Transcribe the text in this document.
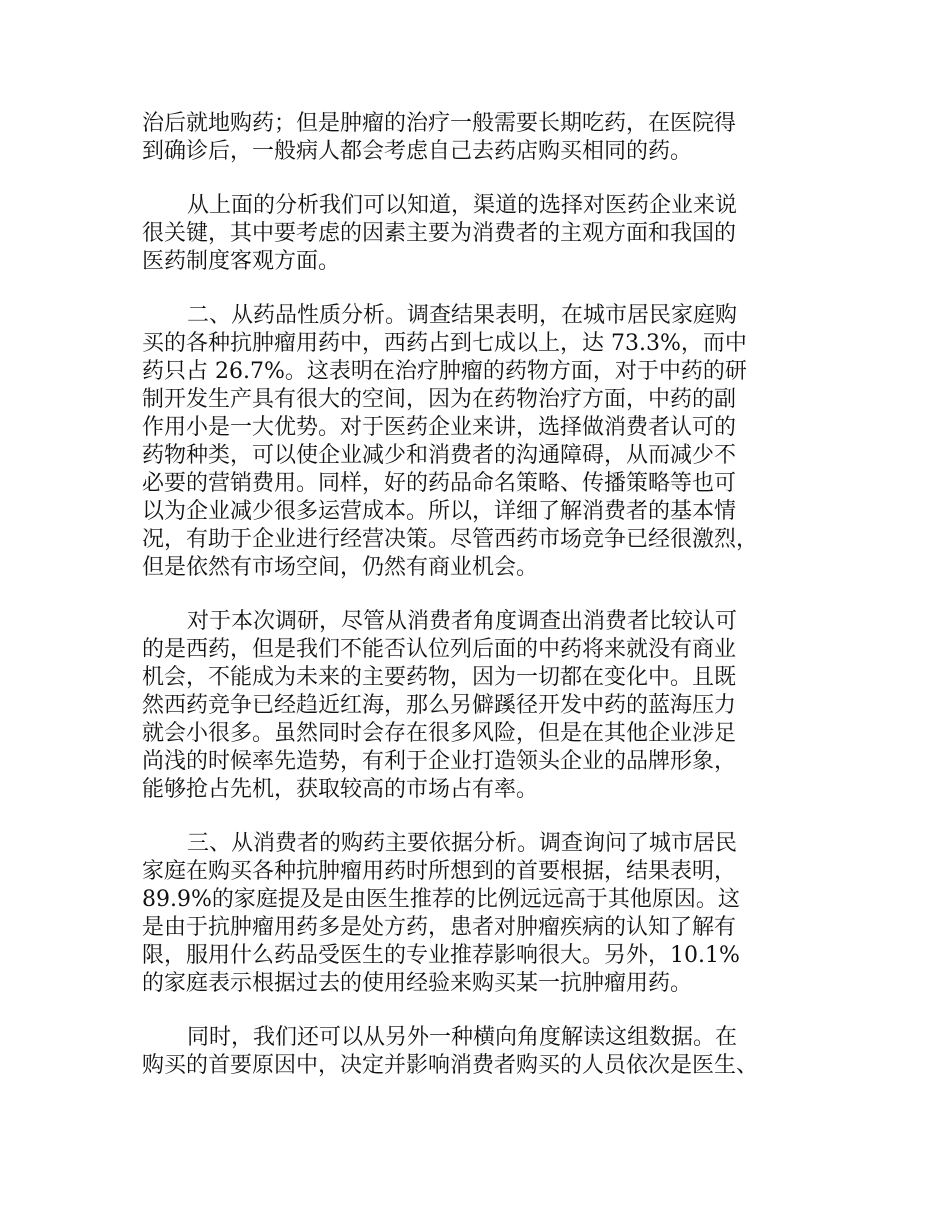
治后就地购药；但是肿瘤的治疗一般需要长期吃药，在医院得
到确诊后，一般病人都会考虑自己去药店购买相同的药。
从上面的分析我们可以知道，渠道的选择对医药企业来说
很关键，其中要考虑的因素主要为消费者的主观方面和我国的
医药制度客观方面。
二、从药品性质分析。调查结果表明，在城市居民家庭购
买的各种抗肿瘤用药中，西药占到七成以上，达 73.3%，而中
药只占 26.7%。这表明在治疗肿瘤的药物方面，对于中药的研
制开发生产具有很大的空间，因为在药物治疗方面，中药的副
作用小是一大优势。对于医药企业来讲，选择做消费者认可的
药物种类，可以使企业减少和消费者的沟通障碍，从而减少不
必要的营销费用。同样，好的药品命名策略、传播策略等也可
以为企业减少很多运营成本。所以，详细了解消费者的基本情
况，有助于企业进行经营决策。尽管西药市场竞争已经很激烈，
但是依然有市场空间，仍然有商业机会。
对于本次调研，尽管从消费者角度调查出消费者比较认可
的是西药，但是我们不能否认位列后面的中药将来就没有商业
机会，不能成为未来的主要药物，因为一切都在变化中。且既
然西药竞争已经趋近红海，那么另僻蹊径开发中药的蓝海压力
就会小很多。虽然同时会存在很多风险，但是在其他企业涉足
尚浅的时候率先造势，有利于企业打造领头企业的品牌形象，
能够抢占先机，获取较高的市场占有率。
三、从消费者的购药主要依据分析。调查询问了城市居民
家庭在购买各种抗肿瘤用药时所想到的首要根据，结果表明，
89.9%的家庭提及是由医生推荐的比例远远高于其他原因。这
是由于抗肿瘤用药多是处方药，患者对肿瘤疾病的认知了解有
限，服用什么药品受医生的专业推荐影响很大。另外，10.1%
的家庭表示根据过去的使用经验来购买某一抗肿瘤用药。
同时，我们还可以从另外一种横向角度解读这组数据。在
购买的首要原因中，决定并影响消费者购买的人员依次是医生、
